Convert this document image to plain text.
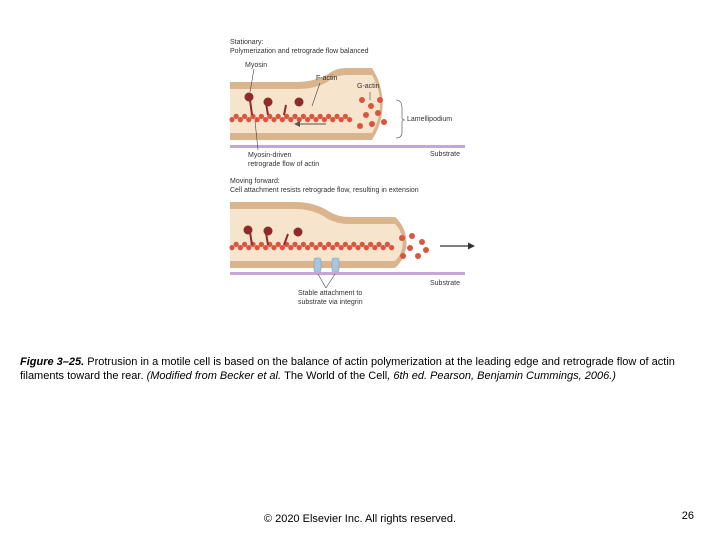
Stationary:
Polymerization and retrograde flow balanced
Myosin
F-actin
G-actin
Lamellipodium
Substrate
Myosin-driven
retrograde flow of actin
Moving forward:
Cell attachment resists retrograde flow, resulting in extension
Substrate
Stable attachment to
substrate via integrin
Figure 3–25. Protrusion in a motile cell is based on the balance of actin polymerization at the leading edge and retrograde flow of actin filaments toward the rear. (Modified from Becker et al. The World of the Cell, 6th ed. Pearson, Benjamin Cummings, 2006.)
© 2020 Elsevier Inc. All rights reserved.	26
